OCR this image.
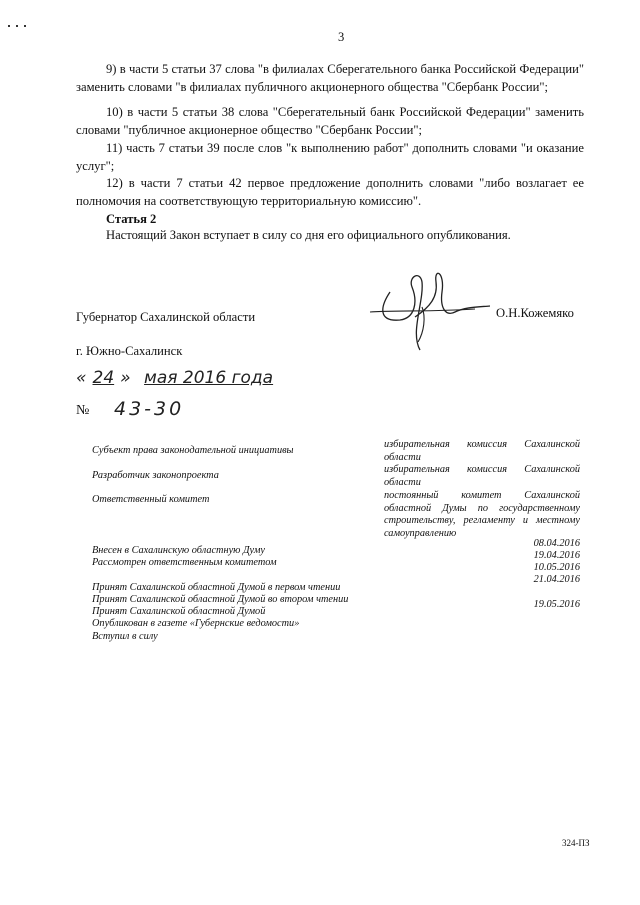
3
9) в части 5 статьи 37 слова "в филиалах Сберегательного банка Российской Федерации" заменить словами "в филиалах публичного акционерного общества "Сбербанк России";
10) в части 5 статьи 38 слова "Сберегательный банк Российской Федерации" заменить словами "публичное акционерное общество "Сбербанк России";
11) часть 7 статьи 39 после слов "к выполнению работ" дополнить словами "и оказание услуг";
12) в части 7 статьи 42 первое предложение дополнить словами "либо возлагает ее полномочия на соответствующую территориальную комиссию".
Статья 2
Настоящий Закон вступает в силу со дня его официального опубликования.
Губернатор Сахалинской области	О.Н.Кожемяко
г. Южно-Сахалинск
« 24 » мая 2016 года
№ 43-30
Субъект права законодательной инициативы
избирательная комиссия Сахалинской области
Разработчик законопроекта
избирательная комиссия Сахалинской области
Ответственный комитет	постоянный комитет Сахалинской областной Думы по государственному строительству, регламенту и местному самоуправлению
Внесен в Сахалинскую областную Думу
08.04.2016
Рассмотрен ответственным комитетом
19.04.2016
10.05.2016
Принят Сахалинской областной Думой в первом чтении
21.04.2016
Принят Сахалинской областной Думой во втором чтении
Принят Сахалинской областной Думой
19.05.2016
Опубликован в газете «Губернские ведомости»
Вступил в силу
324-ПЗ
